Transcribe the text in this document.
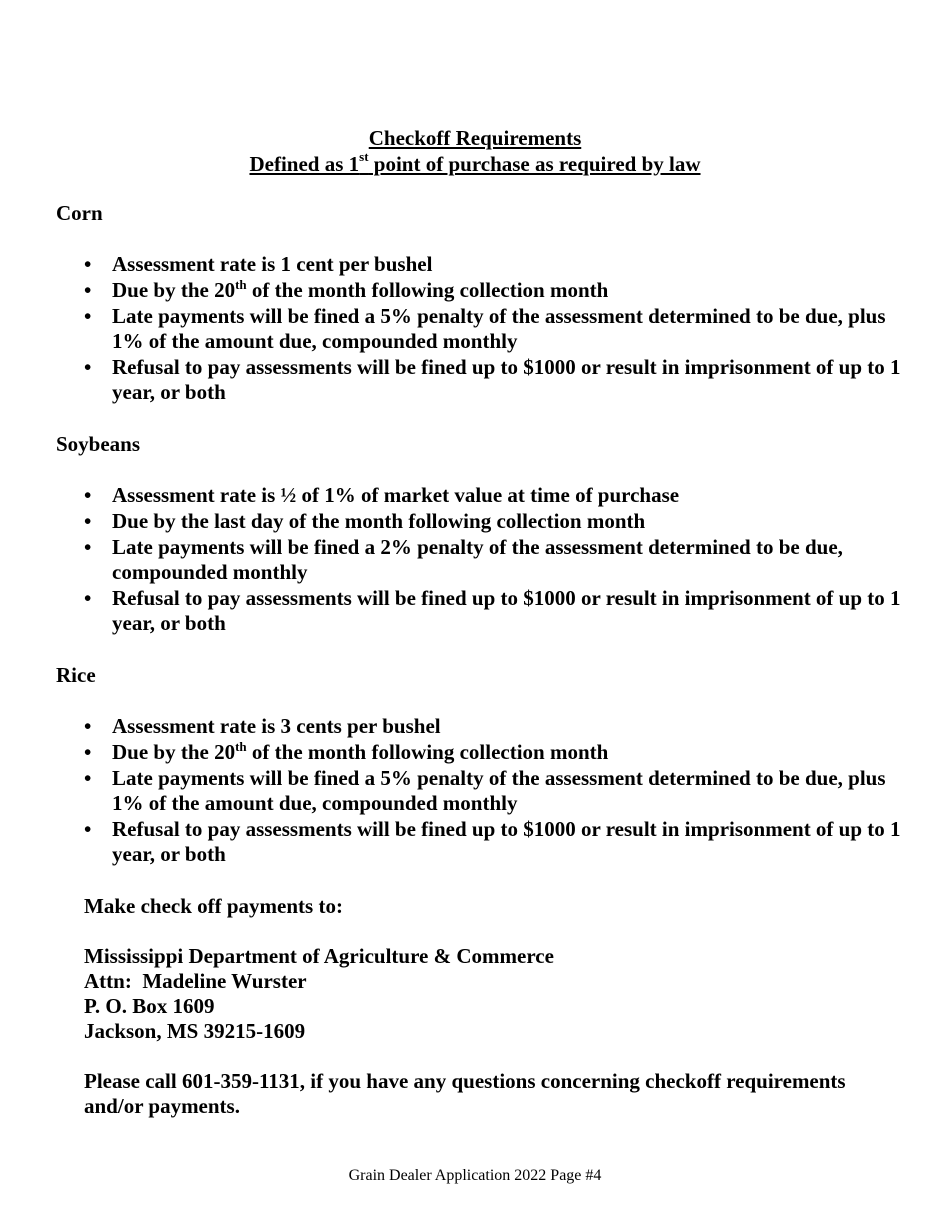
Checkoff Requirements
Defined as 1st point of purchase as required by law
Corn
• Assessment rate is 1 cent per bushel
• Due by the 20th of the month following collection month
• Late payments will be fined a 5% penalty of the assessment determined to be due, plus 1% of the amount due, compounded monthly
• Refusal to pay assessments will be fined up to $1000 or result in imprisonment of up to 1 year, or both
Soybeans
• Assessment rate is ½ of 1% of market value at time of purchase
• Due by the last day of the month following collection month
• Late payments will be fined a 2% penalty of the assessment determined to be due, compounded monthly
• Refusal to pay assessments will be fined up to $1000 or result in imprisonment of up to 1 year, or both
Rice
• Assessment rate is 3 cents per bushel
• Due by the 20th of the month following collection month
• Late payments will be fined a 5% penalty of the assessment determined to be due, plus 1% of the amount due, compounded monthly
• Refusal to pay assessments will be fined up to $1000 or result in imprisonment of up to 1 year, or both
Make check off payments to:
Mississippi Department of Agriculture & Commerce
Attn:  Madeline Wurster
P. O. Box 1609
Jackson, MS 39215-1609
Please call 601-359-1131, if you have any questions concerning checkoff requirements and/or payments.
Grain Dealer Application 2022 Page #4
